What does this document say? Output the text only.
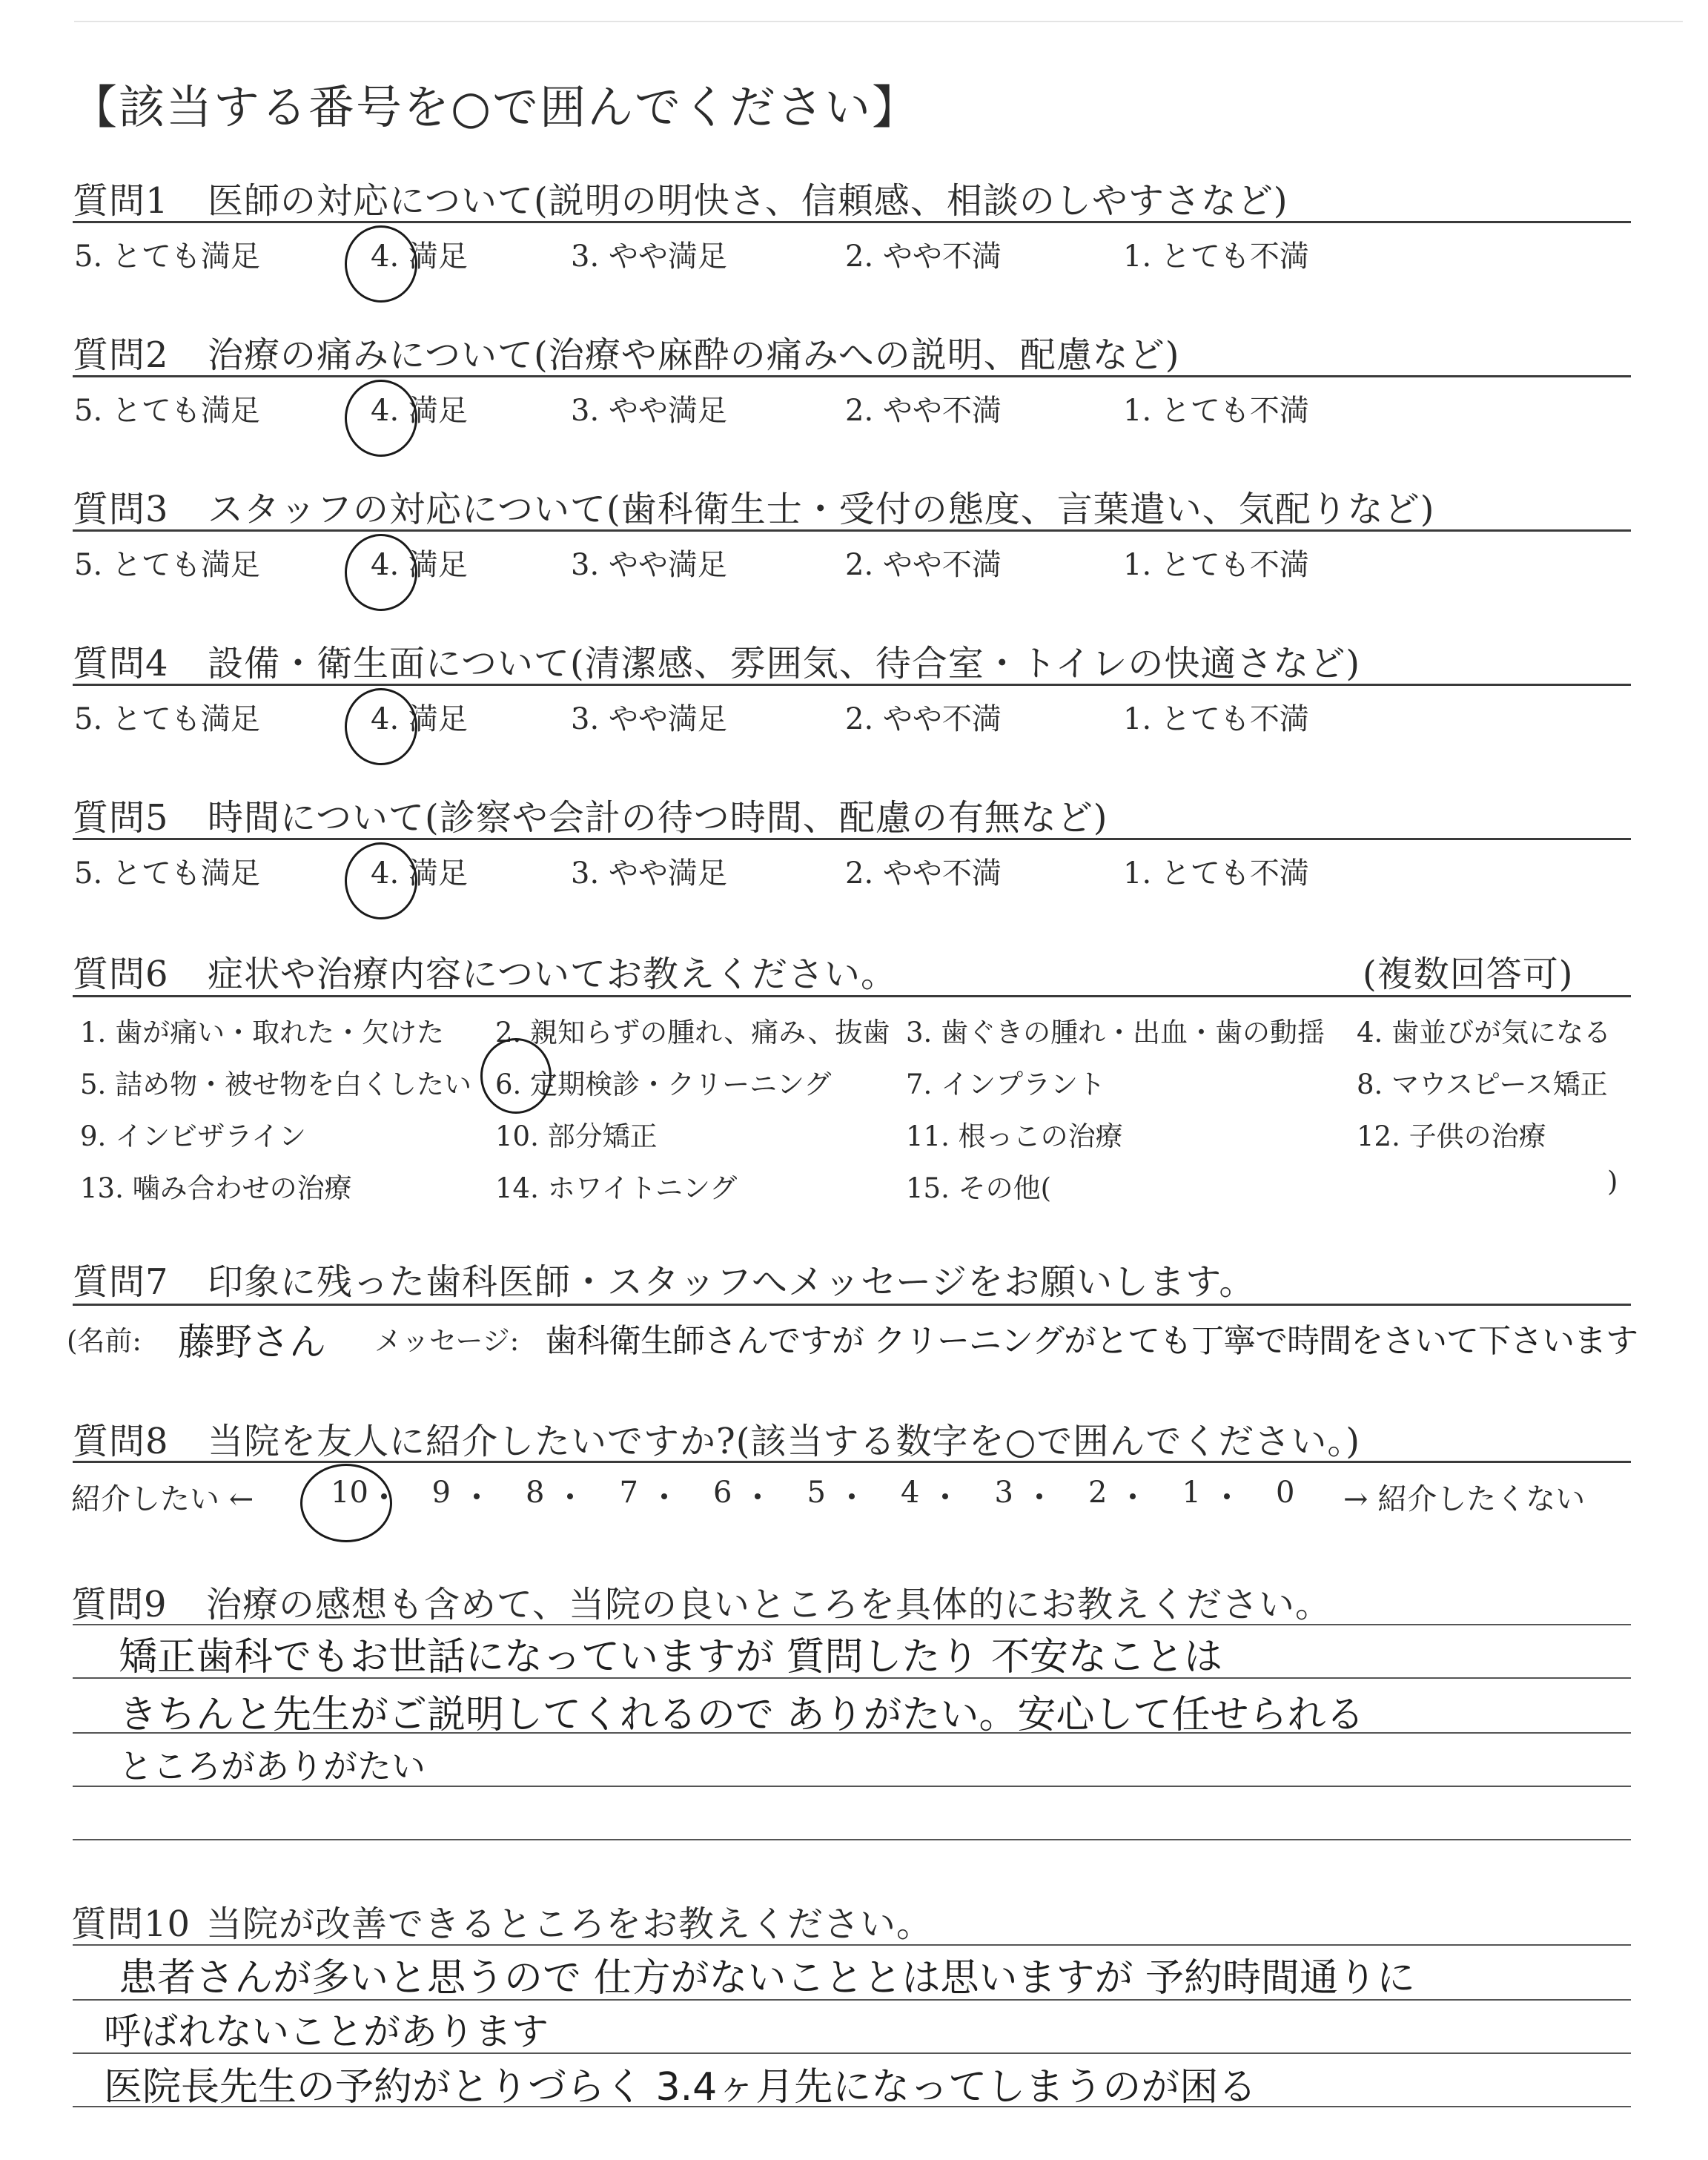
【該当する番号を○で囲んでください】
質問1 医師の対応について(説明の明快さ、信頼感、相談のしやすさなど)
5. とても満足	4. 満足	3. やや満足	2. やや不満	1. とても不満
質問2 治療の痛みについて(治療や麻酔の痛みへの説明、配慮など)
5. とても満足	4. 満足	3. やや満足	2. やや不満	1. とても不満
質問3 スタッフの対応について(歯科衛生士・受付の態度、言葉遣い、気配りなど)
5. とても満足	4. 満足	3. やや満足	2. やや不満	1. とても不満
質問4 設備・衛生面について(清潔感、雰囲気、待合室・トイレの快適さなど)
5. とても満足	4. 満足	3. やや満足	2. やや不満	1. とても不満
質問5 時間について(診察や会計の待つ時間、配慮の有無など)
5. とても満足	4. 満足	3. やや満足	2. やや不満	1. とても不満
質問6 症状や治療内容についてお教えください。	(複数回答可)
1. 歯が痛い・取れた・欠けた 2. 親知らずの腫れ、痛み、抜歯 3. 歯ぐきの腫れ・出血・歯の動揺 4. 歯並びが気になる
5. 詰め物・被せ物を白くしたい 6. 定期検診・クリーニング	7. インプラント	8. マウスピース矯正
9. インビザライン	10. 部分矯正	11. 根っこの治療	12. 子供の治療
13. 噛み合わせの治療	14. ホワイトニング	15. その他(	)
質問7 印象に残った歯科医師・スタッフへメッセージをお願いします。
(名前: 藤野さん メッセージ: 歯科衛生師さんですが クリーニングがとても丁寧で時間をさいて下さいます
質問8 当院を友人に紹介したいですか?(該当する数字を○で囲んでください。)
紹介したい ←	10 9	8	7	6	5	4	3	2	1	0 → 紹介したくない
質問9 治療の感想も含めて、当院の良いところを具体的にお教えください。
矯正歯科でもお世話になっていますが 質問したり 不安なことは
きちんと先生がご説明してくれるので ありがたい。安心して任せられる
ところがありがたい
質問10 当院が改善できるところをお教えください。
患者さんが多いと思うので 仕方がないこととは思いますが 予約時間通りに
呼ばれないことがあります
医院長先生の予約がとりづらく 3.4ヶ月先になってしまうのが困る
